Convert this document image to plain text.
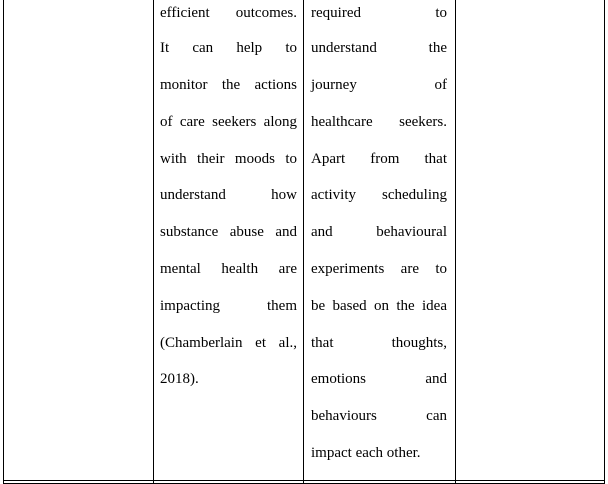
efficient outcomes.
It can help to
monitor the actions
of care seekers along
with their moods to
understand how
substance abuse and
mental health are
impacting them
(Chamberlain et al.,
2018).
required to
understand the
journey of
healthcare seekers.
Apart from that
activity scheduling
and behavioural
experiments are to
be based on the idea
that thoughts,
emotions and
behaviours can
impact each other.
